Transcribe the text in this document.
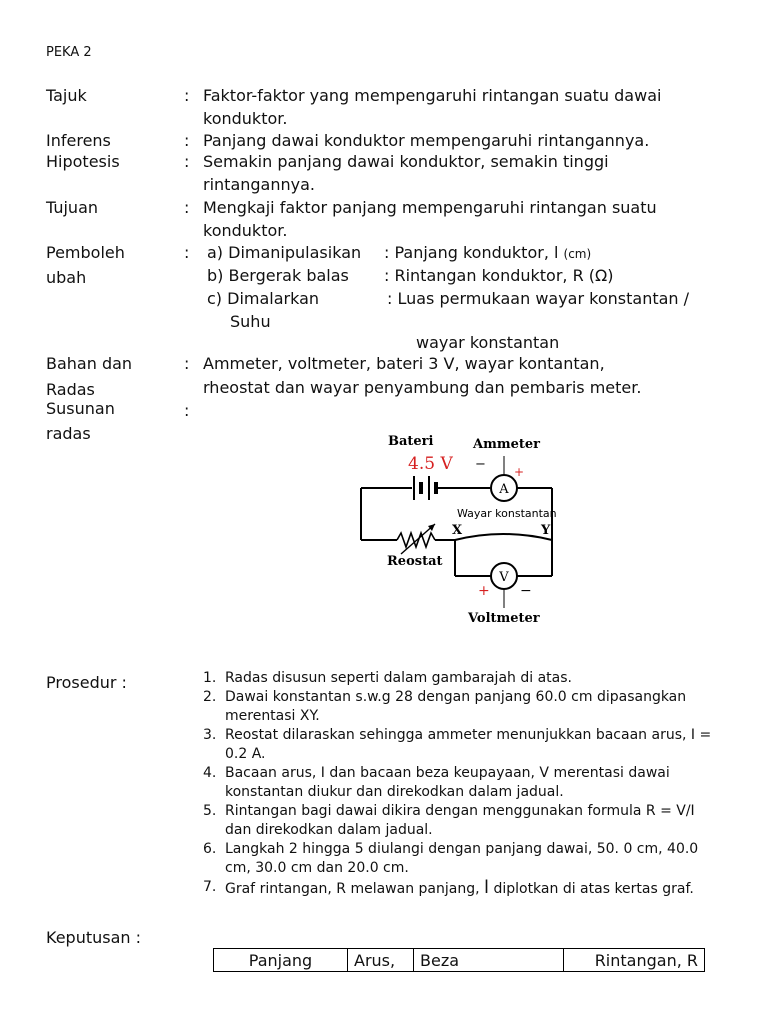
PEKA 2
Tajuk	: Faktor-faktor yang mempengaruhi rintangan suatu dawai konduktor.
Inferens	: Panjang dawai konduktor mempengaruhi rintangannya.
Hipotesis	: Semakin panjang dawai konduktor, semakin tinggi rintangannya.
Tujuan	: Mengkaji faktor panjang mempengaruhi rintangan suatu konduktor.
Pemboleh
ubah
: a) Dimanipulasikan : Panjang konduktor, l (cm)
b) Bergerak balas : Rintangan konduktor, R (Ω)
c) Dimalarkan	: Luas permukaan wayar konstantan /
Suhu
wayar konstantan
Bahan dan
Radas
: Ammeter, voltmeter, bateri 3 V, wayar kontantan,
rheostat dan wayar penyambung dan pembaris meter.
Susunan
radas
:
A
V
Bateri
4.5 V
Ammeter
− +
Wayar konstantan
X	Y
Reostat
+ −
Voltmeter
Prosedur :	1. Radas disusun seperti dalam gambarajah di atas.
2. Dawai konstantan s.w.g 28 dengan panjang 60.0 cm dipasangkan merentasi XY.
3. Reostat dilaraskan sehingga ammeter menunjukkan bacaan arus, I = 0.2 A.
4. Bacaan arus, I dan bacaan beza keupayaan, V merentasi dawai konstantan diukur dan direkodkan dalam jadual.
5. Rintangan bagi dawai dikira dengan menggunakan formula R = V/I dan direkodkan dalam jadual.
6. Langkah 2 hingga 5 diulangi dengan panjang dawai, 50. 0 cm, 40.0 cm, 30.0 cm dan 20.0 cm.
7. Graf rintangan, R melawan panjang, l diplotkan di atas kertas graf.
Keputusan :
Panjang	Arus,	Beza	Rintangan, R
